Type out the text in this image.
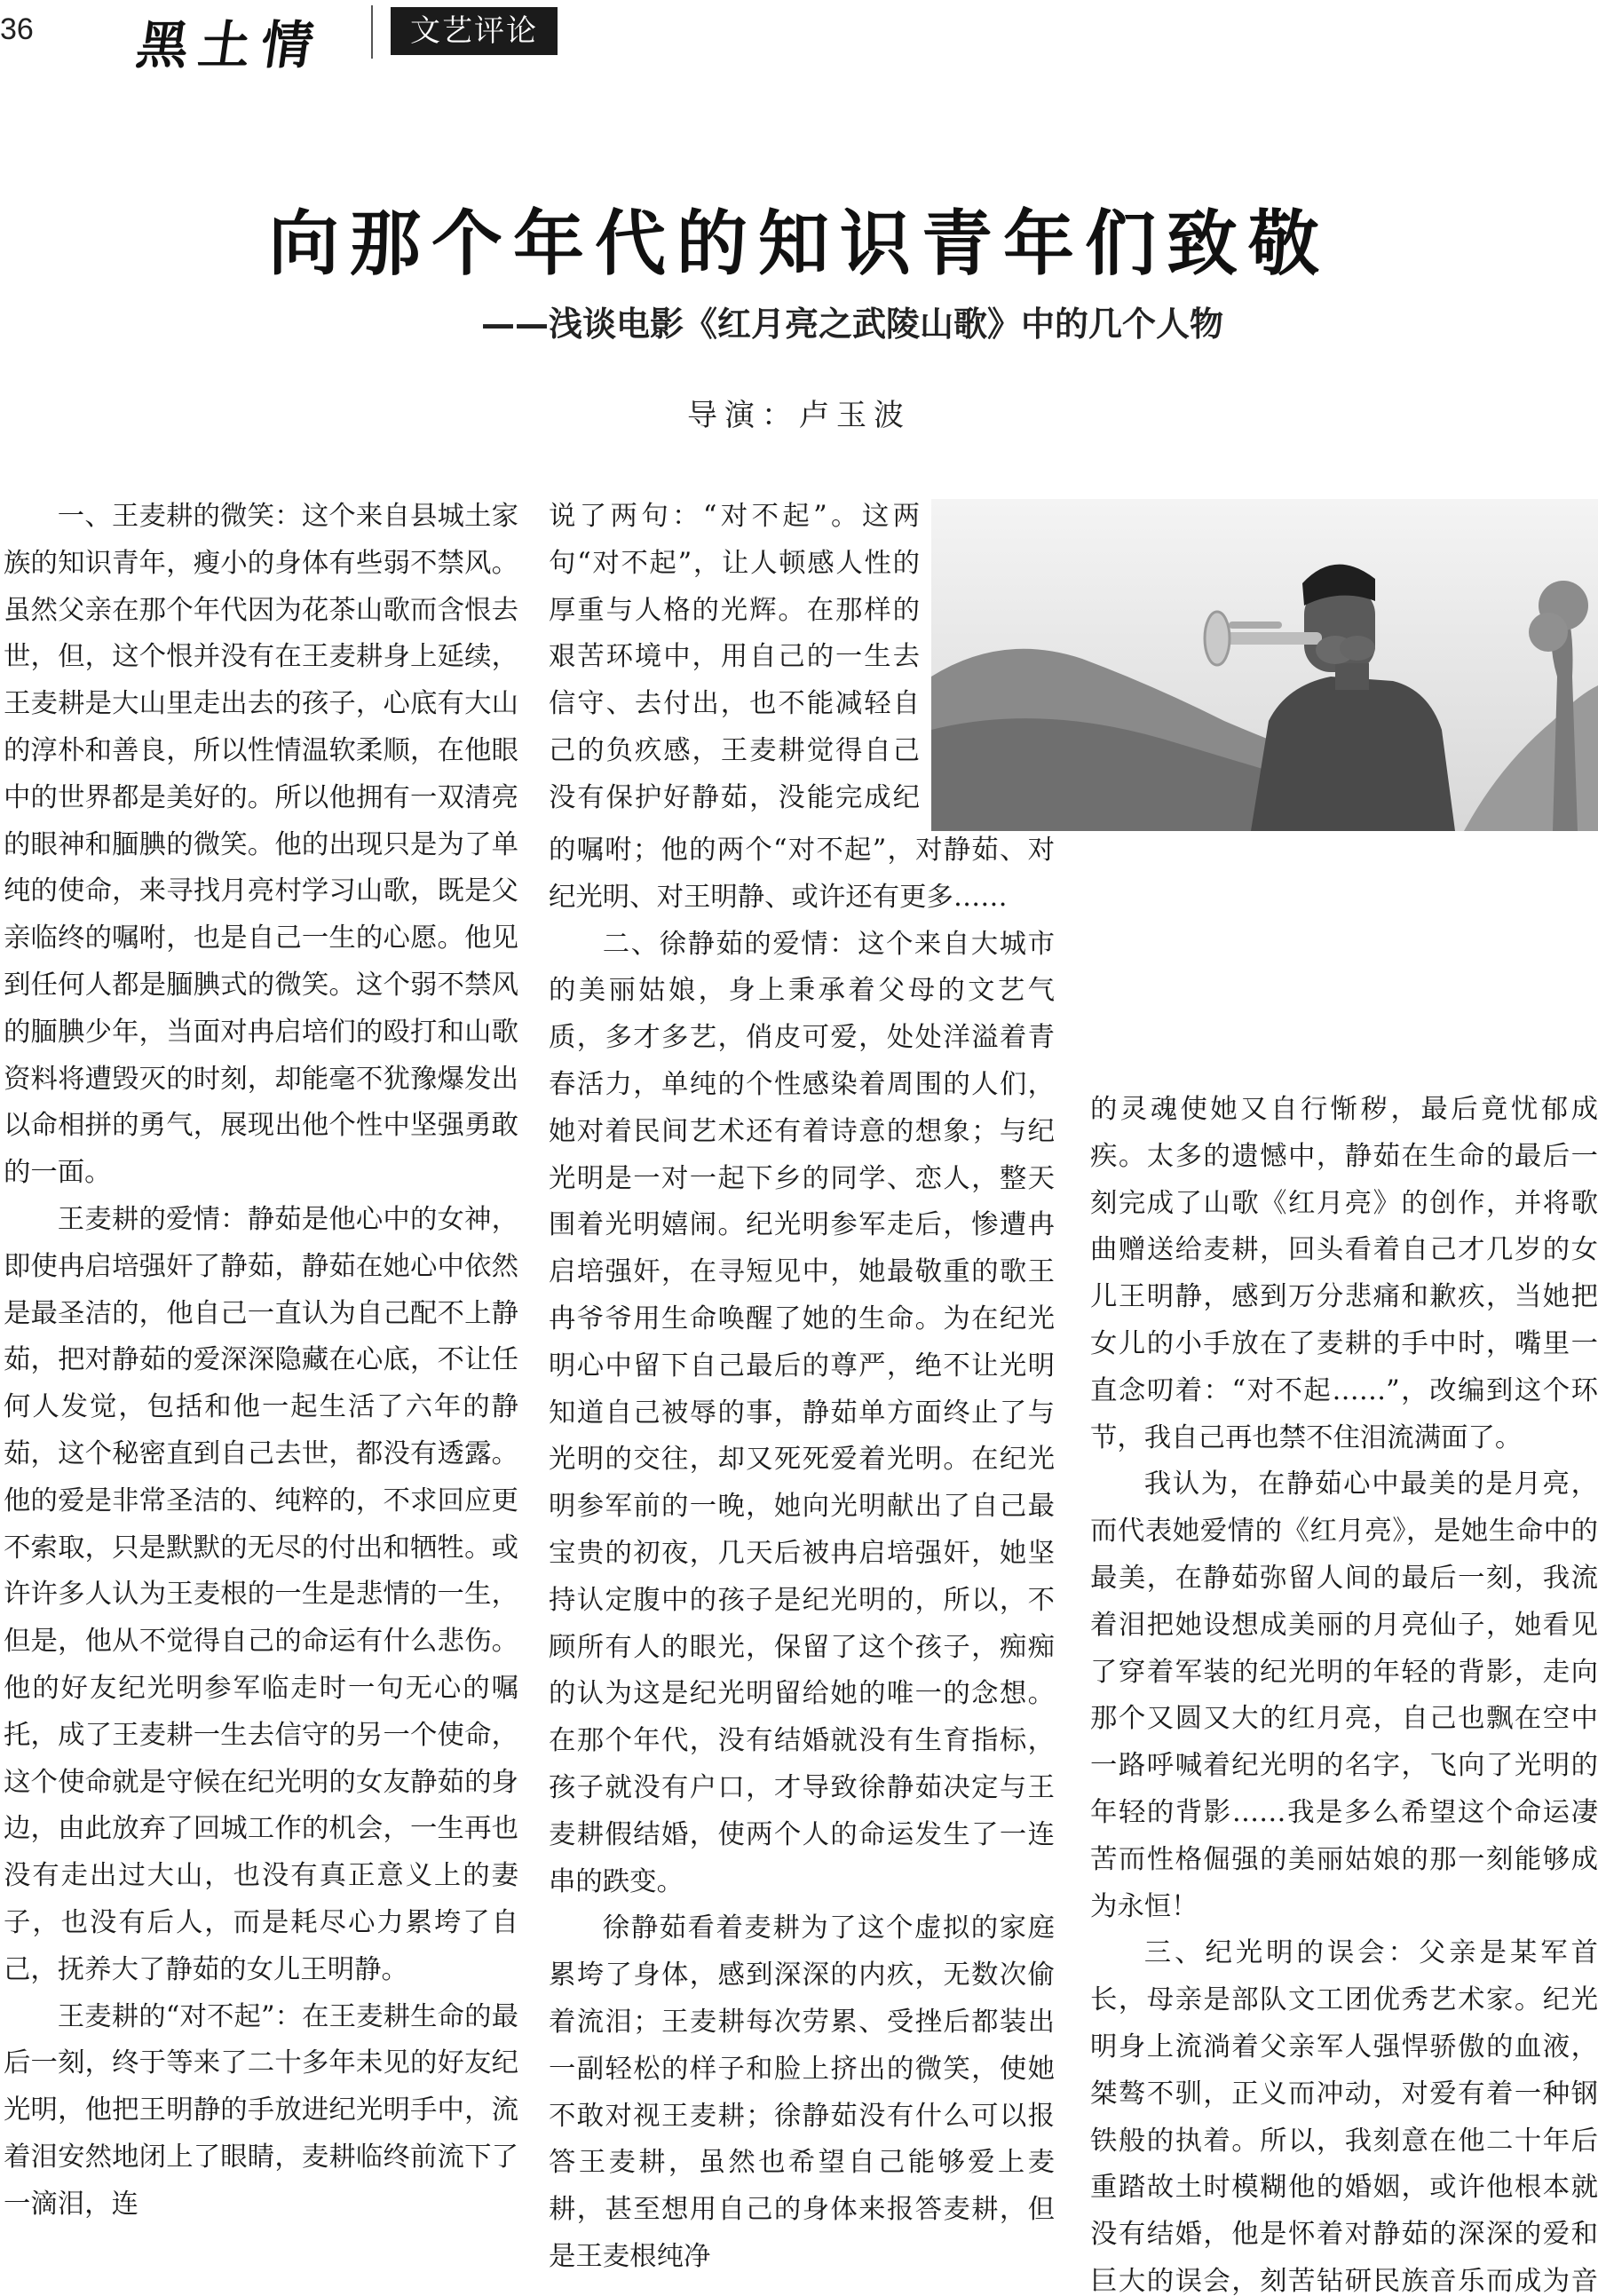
36 黑土情	文艺评论
向那个年代的知识青年们致敬
——浅谈电影《红月亮之武陵山歌》中的几个人物
导演：卢玉波

一、王麦耕的微笑：这个来自县城土家族的知识青年，瘦小的身体有些弱不禁风。虽然父亲在那个年代因为花茶山歌而含恨去世，但，这个恨并没有在王麦耕身上延续，王麦耕是大山里走出去的孩子，心底有大山的淳朴和善良，所以性情温软柔顺，在他眼中的世界都是美好的。所以他拥有一双清亮的眼神和腼腆的微笑。他的出现只是为了单纯的使命，来寻找月亮村学习山歌，既是父亲临终的嘱咐，也是自己一生的心愿。他见到任何人都是腼腆式的微笑。这个弱不禁风的腼腆少年，当面对冉启培们的殴打和山歌资料将遭毁灭的时刻，却能毫不犹豫爆发出以命相拼的勇气，展现出他个性中坚强勇敢的一面。

王麦耕的爱情：静茹是他心中的女神，即使冉启培强奸了静茹，静茹在她心中依然是最圣洁的，他自己一直认为自己配不上静茹，把对静茹的爱深深隐藏在心底，不让任何人发觉，包括和他一起生活了六年的静茹，这个秘密直到自己去世，都没有透露。他的爱是非常圣洁的、纯粹的，不求回应更不索取，只是默默的无尽的付出和牺牲。或许许多人认为王麦根的一生是悲情的一生，但是，他从不觉得自己的命运有什么悲伤。他的好友纪光明参军临走时一句无心的嘱托，成了王麦耕一生去信守的另一个使命，这个使命就是守候在纪光明的女友静茹的身边，由此放弃了回城工作的机会，一生再也没有走出过大山，也没有真正意义上的妻子，也没有后人，而是耗尽心力累垮了自己，抚养大了静茹的女儿王明静。

王麦耕的“对不起”：在王麦耕生命的最后一刻，终于等来了二十多年未见的好友纪光明，他把王明静的手放进纪光明手中，流着泪安然地闭上了眼睛，麦耕临终前流下了一滴泪，连

说了两句：“对不起”。这两句“对不起”，让人顿感人性的厚重与人格的光辉。在那样的艰苦环境中，用自己的一生去信守、去付出，也不能减轻自己的负疚感，王麦耕觉得自己没有保护好静茹，没能完成纪

的嘱咐；他的两个“对不起”，对静茹、对纪光明、对王明静、或许还有更多……

二、徐静茹的爱情：这个来自大城市的美丽姑娘，身上秉承着父母的文艺气质，多才多艺，俏皮可爱，处处洋溢着青春活力，单纯的个性感染着周围的人们，她对着民间艺术还有着诗意的想象；与纪光明是一对一起下乡的同学、恋人，整天围着光明嬉闹。纪光明参军走后，惨遭冉启培强奸，在寻短见中，她最敬重的歌王冉爷爷用生命唤醒了她的生命。为在纪光明心中留下自己最后的尊严，绝不让光明知道自己被辱的事，静茹单方面终止了与光明的交往，却又死死爱着光明。在纪光明参军前的一晚，她向光明献出了自己最宝贵的初夜，几天后被冉启培强奸，她坚持认定腹中的孩子是纪光明的，所以，不顾所有人的眼光，保留了这个孩子，痴痴的认为这是纪光明留给她的唯一的念想。在那个年代，没有结婚就没有生育指标，孩子就没有户口，才导致徐静茹决定与王麦耕假结婚，使两个人的命运发生了一连串的跌变。

徐静茹看着麦耕为了这个虚拟的家庭累垮了身体，感到深深的内疚，无数次偷着流泪；王麦耕每次劳累、受挫后都装出一副轻松的样子和脸上挤出的微笑，使她不敢对视王麦耕；徐静茹没有什么可以报答王麦耕，虽然也希望自己能够爱上麦耕，甚至想用自己的身体来报答麦耕，但是王麦根纯净

的灵魂使她又自行惭秽，最后竟忧郁成疾。太多的遗憾中，静茹在生命的最后一刻完成了山歌《红月亮》的创作，并将歌曲赠送给麦耕，回头看着自己才几岁的女儿王明静，感到万分悲痛和歉疚，当她把女儿的小手放在了麦耕的手中时，嘴里一直念叨着：“对不起……”，改编到这个环节，我自己再也禁不住泪流满面了。

我认为，在静茹心中最美的是月亮，而代表她爱情的《红月亮》，是她生命中的最美，在静茹弥留人间的最后一刻，我流着泪把她设想成美丽的月亮仙子，她看见了穿着军装的纪光明的年轻的背影，走向那个又圆又大的红月亮，自己也飘在空中一路呼喊着纪光明的名字，飞向了光明的年轻的背影……我是多么希望这个命运凄苦而性格倔强的美丽姑娘的那一刻能够成为永恒！

三、纪光明的误会：父亲是某军首长，母亲是部队文工团优秀艺术家。纪光明身上流淌着父亲军人强悍骄傲的血液，桀骜不驯，正义而冲动，对爱有着一种钢铁般的执着。所以，我刻意在他二十年后重踏故土时模糊他的婚姻，或许他根本就没有结婚，他是怀着对静茹的深深的爱和巨大的误会，刻苦钻研民族音乐而成为音
